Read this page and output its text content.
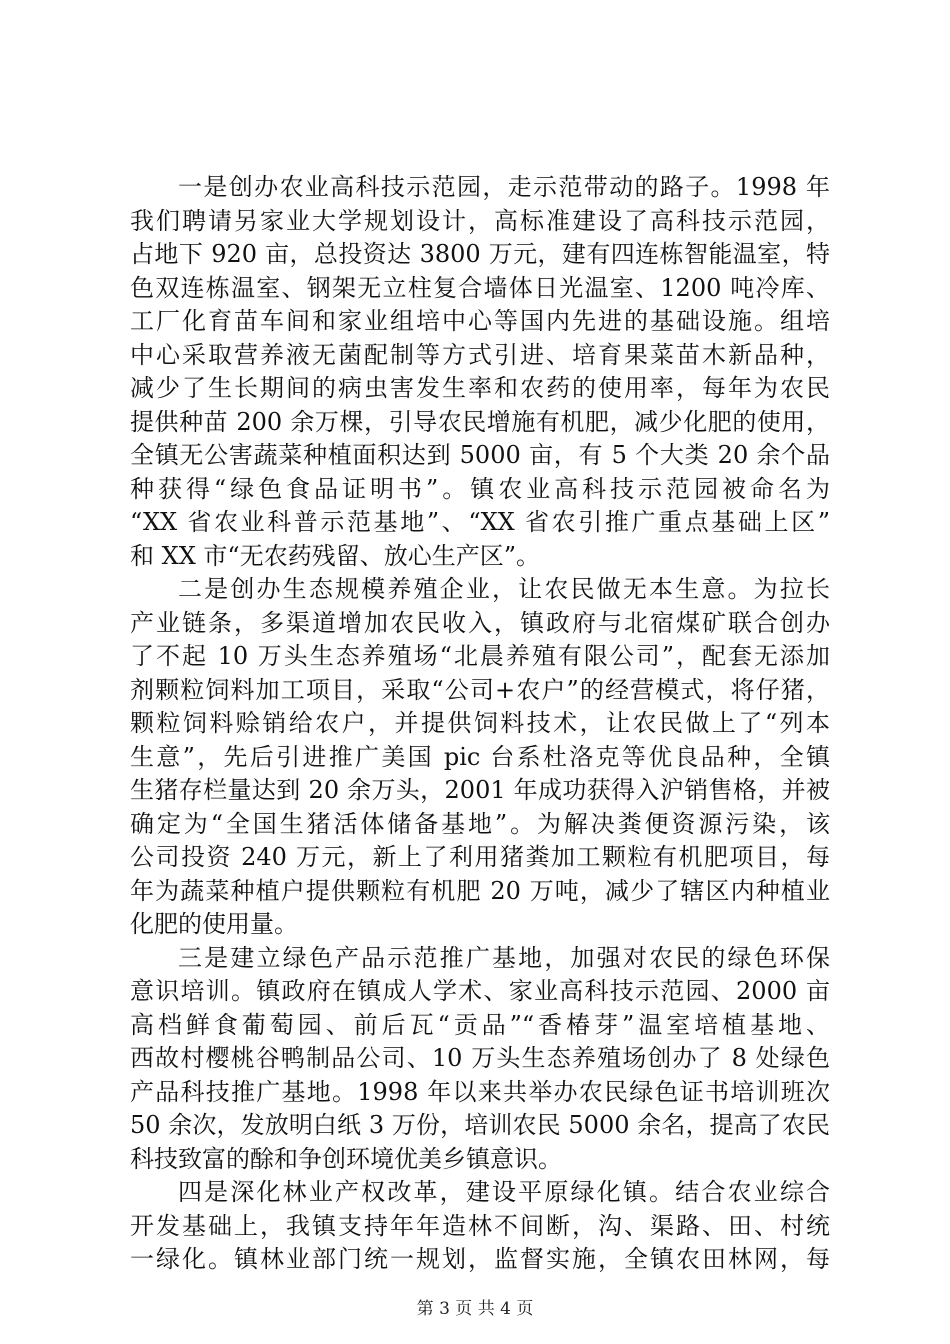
一是创办农业高科技示范园，走示范带动的路子。1998 年
我们聘请另家业大学规划设计，高标准建设了高科技示范园，
占地下 920 亩，总投资达 3800 万元，建有四连栋智能温室，特
色双连栋温室、钢架无立柱复合墙体日光温室、1200 吨冷库、
工厂化育苗车间和家业组培中心等国内先进的基础设施。组培
中心采取营养液无菌配制等方式引进、培育果菜苗木新品种，
减少了生长期间的病虫害发生率和农药的使用率，每年为农民
提供种苗 200 余万棵，引导农民增施有机肥，减少化肥的使用，
全镇无公害蔬菜种植面积达到 5000 亩，有 5 个大类 20 余个品
种获得“绿色食品证明书”。镇农业高科技示范园被命名为
“XX 省农业科普示范基地”、“XX 省农引推广重点基础上区”
和 XX 市“无农药残留、放心生产区”。
二是创办生态规模养殖企业，让农民做无本生意。为拉长
产业链条，多渠道增加农民收入，镇政府与北宿煤矿联合创办
了不起 10 万头生态养殖场“北晨养殖有限公司”，配套无添加
剂颗粒饲料加工项目，采取“公司+农户”的经营模式，将仔猪，
颗粒饲料赊销给农户，并提供饲料技术，让农民做上了“列本
生意”，先后引进推广美国 pic 台系杜洛克等优良品种，全镇
生猪存栏量达到 20 余万头，2001 年成功获得入沪销售格，并被
确定为“全国生猪活体储备基地”。为解决粪便资源污染，该
公司投资 240 万元，新上了利用猪粪加工颗粒有机肥项目，每
年为蔬菜种植户提供颗粒有机肥 20 万吨，减少了辖区内种植业
化肥的使用量。
三是建立绿色产品示范推广基地，加强对农民的绿色环保
意识培训。镇政府在镇成人学术、家业高科技示范园、2000 亩
高档鲜食葡萄园、前后瓦“贡品”“香椿芽”温室培植基地、
西故村樱桃谷鸭制品公司、10 万头生态养殖场创办了 8 处绿色
产品科技推广基地。1998 年以来共举办农民绿色证书培训班次
50 余次，发放明白纸 3 万份，培训农民 5000 余名，提高了农民
科技致富的酴和争创环境优美乡镇意识。
四是深化林业产权改革，建设平原绿化镇。结合农业综合
开发基础上，我镇支持年年造林不间断，沟、渠路、田、村统
一绿化。镇林业部门统一规划，监督实施，全镇农田林网，每
第 3 页 共 4 页
